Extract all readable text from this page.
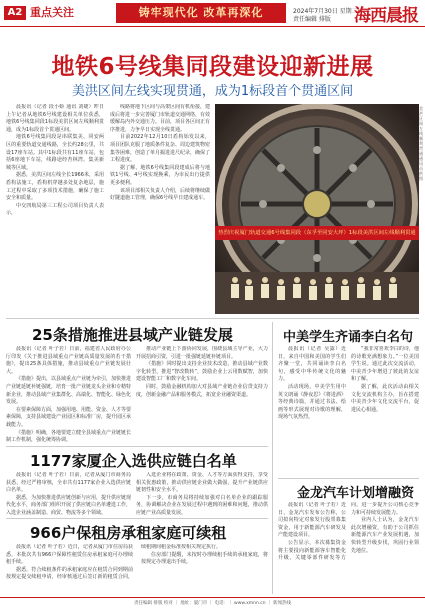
A2 重点关注	铸牢现代化 改革再深化	2024年7月30日 星期二
责任编辑 排版 海西晨报
地铁6号线集同段建设迎新进展
美洪区间左线实现贯通，成为1标段首个贯通区间

晨报讯（记者 段小娇 通讯 刘婕）昨日上午记者从地铁6号线建设相关单位获悉，地铁6号线集同段1标段美洪区间左线顺利贯通，成为1标段首个贯通区间。

地铁6号线集同段是串联集美、同安两区的重要轨道交通线路，全长约28公里，共设17座车站。其中1标段共有11座车站，包括6座地下车站，线路途经杏林湾、集美新城等区域。

据悉，美洪区间左线全长1966米，采用盾构法施工，盾构机穿越多处复杂地层，施工过程中采取了多项技术措施，确保了施工安全和质量。

中交四航局第三工程公司项目负责人表示，

线路将地下区间与高架区间有机衔接，建成后将进一步完善厦门市轨道交通网络，有效缓解岛内外交通压力。目前，项目各区间正有序推进，力争早日实现全线贯通。

目前2022年12月10日盾构始发以来，项目团队克服了地质条件复杂、周边建筑物密集等困难，创造了单月掘进进尺纪录，确保了工程进度。

据了解，地铁6号线集同段建成后将与地铁1号线、4号线实现换乘，为市民出行提供更多便利。

该项目部相关负责人介绍，后续将继续做好隧道施工管理，确保6号线早日建成通车。

热烈庆祝厦门轨道交通6号线集同段（东孚至同安大坪）1标段美洪区间左线顺利贯通
美洪区间左线顺利贯通 通讯员 供图
25条措施推进县域产业链发展

晨报讯（记者 叶子若）日前，福建省人民政府办公厅印发《关于推进县域重点产业链高质量发展的若干措施》，提出25条具体措施，推动县域重点产业链发展壮大。

《措施》提出，以县域重点产业链为牵引，加快推进产业链延链补链强链，培育一批产业链龙头企业和专精特新企业，推动县域产业集群化、高端化、智能化、绿色化发展。

在要素保障方面，加强用地、用能、资金、人才等要素保障，支持县域建设产业园区和标准厂房，提升园区承载能力。

《措施》明确，各地要建立健全县域重点产业链链长制工作机制，强化统筹协调。

推动产业链上下游协同发展，围绕县域主导产业，大力开展招商引资，引进一批强链延链补链项目。

《措施》同时提出支持企业技术改造，推动县域产业数字化转型，推进“智改数转”，鼓励企业上云用数赋智，加快建设智能工厂和数字化车间。

同时，鼓励金融机构加大对县域产业链企业信贷支持力度，创新金融产品和服务模式，拓宽企业融资渠道。

1177家厦企入选供应链白名单

晨报讯（记者 叶子若）日前，记者从厦门市商务局获悉，经过严格审核，全市共有1177家企业入选供应链白名单。

据悉，为加快推进供应链创新与应用，提升供应链现代化水平，商务部门组织开展了供应链白名单遴选工作，入选企业涵盖制造、商贸、物流等多个领域。

入选企业将在政策、资金、人才等方面获得支持，享受相关优惠政策，推动供应链企业做大做强，提升产业链供应链韧性和安全水平。

下一步，市商务局将持续加强对白名单企业的跟踪服务，协调解决企业在发展过程中遇到的困难和问题，推动供应链产业高质量发展。

966户保租房承租家庭可续租

晨报讯（记者 叶子若）近日，记者从厦门市住房局获悉，本批次共有966户保障性租赁住房承租家庭可办理续租手续。

据悉，符合续租条件的承租家庭应在租赁合同到期前按规定提交续租申请，经审核通过后签订新的租赁合同，续租期间租金标准按相关规定执行。

住房部门提醒，未按时办理续租手续的承租家庭，将按规定办理退出手续。

中美学生齐诵李白名句

晨报讯（记者 吴露）近日，来自中国和美国的学生们齐聚一堂，共同诵读李白名句，感受中华传统文化的魅力。

活动现场，中美学生用中英文朗诵《静夜思》《将进酒》等经典诗篇，并通过书法、绘画等形式展现对诗歌的理解，现场气氛热烈。

“我非常喜欢李白的诗，他的诗歌充满想象力。”一位美国学生说。通过此次交流活动，中美青少年增进了彼此的友谊和了解。

据了解，此次活动由相关文化交流机构主办，旨在搭建中美青少年文化交流平台，促进民心相通。

金龙汽车计划增融资

晨报讯（记者 叶子若）近日，金龙汽车发布公告称，公司拟向特定对象发行股票募集资金，用于新能源汽车研发及产能建设项目。

公告显示，本次募集资金将主要投向新能源客车智能化升级、关键零部件研发等方向，进一步提升公司核心竞争力和可持续发展能力。

业内人士认为，金龙汽车此次增融资，有助于公司抓住新能源汽车产业发展机遇，加快转型升级步伐，巩固行业领先地位。

责任编辑 排版 校对 ｜ 地址：厦门市 ｜ 电话：｜ www.xmnn.cn ｜ 新闻热线
